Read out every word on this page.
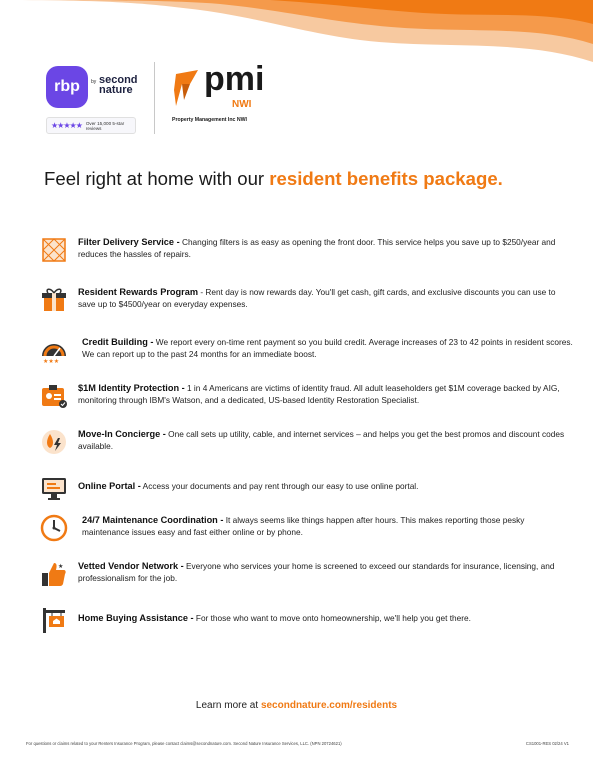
rbp	by second nature
★★★★★ Over 15,000 5-star reviews
pmi
NWI
Property Management Inc NWI
Feel right at home with our resident benefits package.
Filter Delivery Service - Changing filters is as easy as opening the front door. This service helps you save up to $250/year and reduces the hassles of repairs.
Resident Rewards Program - Rent day is now rewards day. You'll get cash, gift cards, and exclusive discounts you can use to save up to $4500/year on everyday expenses.
★★★
Credit Building - We report every on-time rent payment so you build credit. Average increases of 23 to 42 points in resident scores. We can report up to the past 24 months for an immediate boost.
$1M Identity Protection - 1 in 4 Americans are victims of identity fraud. All adult leaseholders get $1M coverage backed by AIG, monitoring through IBM's Watson, and a dedicated, US-based Identity Restoration Specialist.
Move-In Concierge - One call sets up utility, cable, and internet services – and helps you get the best promos and discount codes available.
Online Portal - Access your documents and pay rent through our easy to use online portal.
24/7 Maintenance Coordination - It always seems like things happen after hours. This makes reporting those pesky maintenance issues easy and fast either online or by phone.
★ Vetted Vendor Network - Everyone who services your home is screened to exceed our standards for insurance, licensing, and professionalism for the job.
Home Buying Assistance - For those who want to move onto homeownership, we'll help you get there.
Learn more at secondnature.com/residents
For questions or claims related to your Renters Insurance Program, please contact claims@secondnature.com. Second Nature Insurance Services, LLC. (NPN 20724621)	CS1001-RES 02/24 V1
